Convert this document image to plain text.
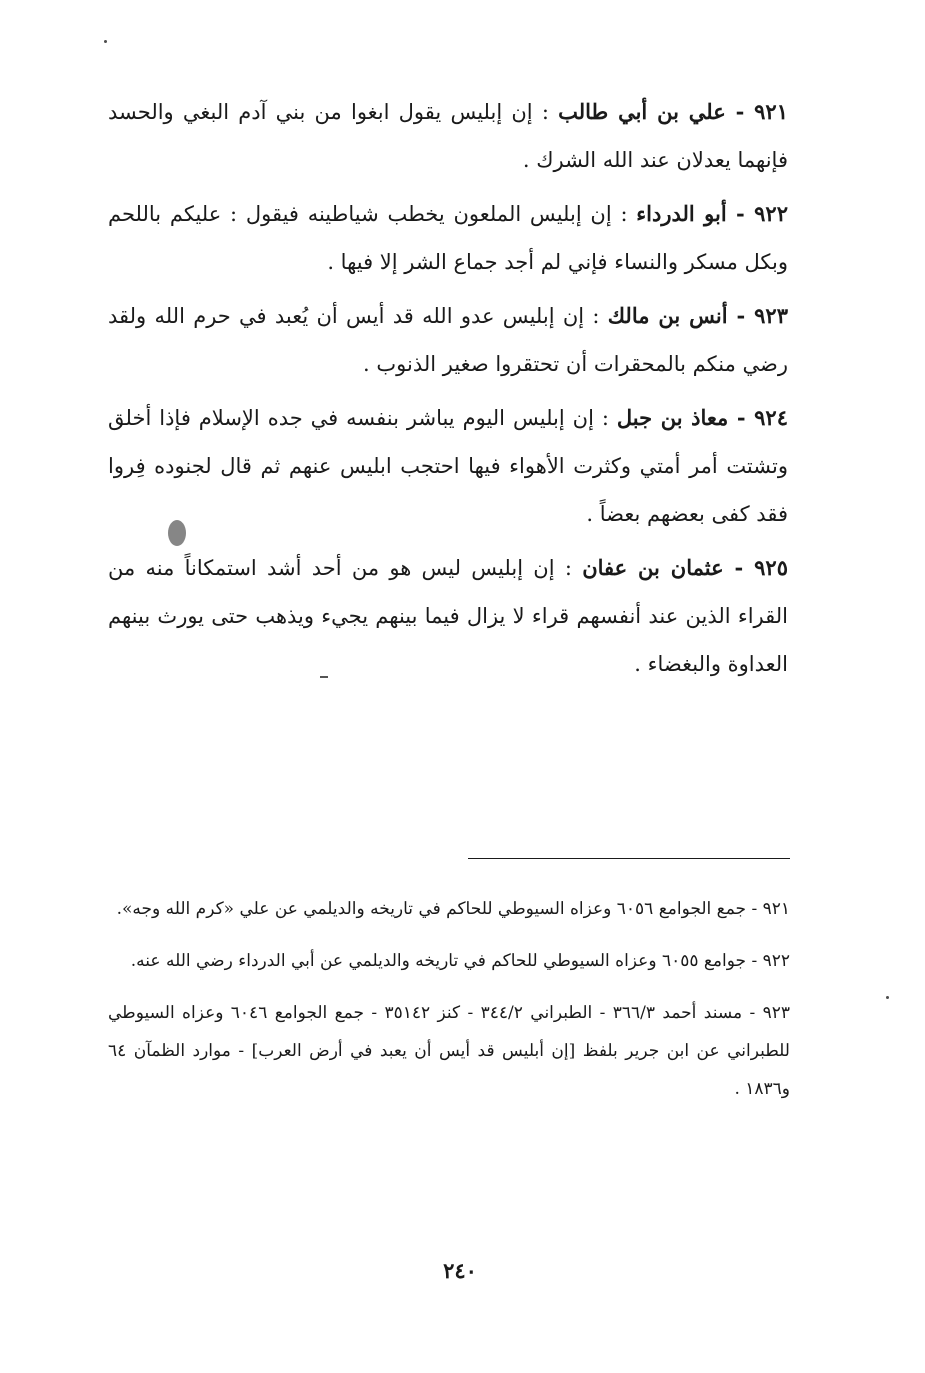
٩٢١ - علي بن أبي طالب : إن إبليس يقول ابغوا من بني آدم البغي والحسد فإنهما يعدلان عند الله الشرك .

٩٢٢ - أبو الدرداء : إن إبليس الملعون يخطب شياطينه فيقول : عليكم باللحم وبكل مسكر والنساء فإني لم أجد جماع الشر إلا فيها .

٩٢٣ - أنس بن مالك : إن إبليس عدو الله قد أيس أن يُعبد في حرم الله ولقد رضي منكم بالمحقرات أن تحتقروا صغير الذنوب .

٩٢٤ - معاذ بن جبل : إن إبليس اليوم يباشر بنفسه في جده الإسلام فإذا أخلق وتشتت أمر أمتي وكثرت الأهواء فيها احتجب ابليس عنهم ثم قال لجنوده فِروا فقد كفى بعضهم بعضاً .

٩٢٥ - عثمان بن عفان : إن إبليس ليس هو من أحد أشد استمكاناً منه من القراء الذين عند أنفسهم قراء لا يزال فيما بينهم يجيء ويذهب حتى يورث بينهم العداوة والبغضاء .

٩٢١ - جمع الجوامع ٦٠٥٦ وعزاه السيوطي للحاكم في تاريخه والديلمي عن علي «كرم الله وجه».

٩٢٢ - جوامع ٦٠٥٥ وعزاه السيوطي للحاكم في تاريخه والديلمي عن أبي الدرداء رضي الله عنه.

٩٢٣ - مسند أحمد ٣٦٦/٣ - الطبراني ٣٤٤/٢ - كنز ٣٥١٤٢ - جمع الجوامع ٦٠٤٦ وعزاه السيوطي للطبراني عن ابن جرير بلفظ [إن أبليس قد أيس أن يعبد في أرض العرب] - موارد الظمآن ٦٤ و١٨٣٦ .

٢٤٠
